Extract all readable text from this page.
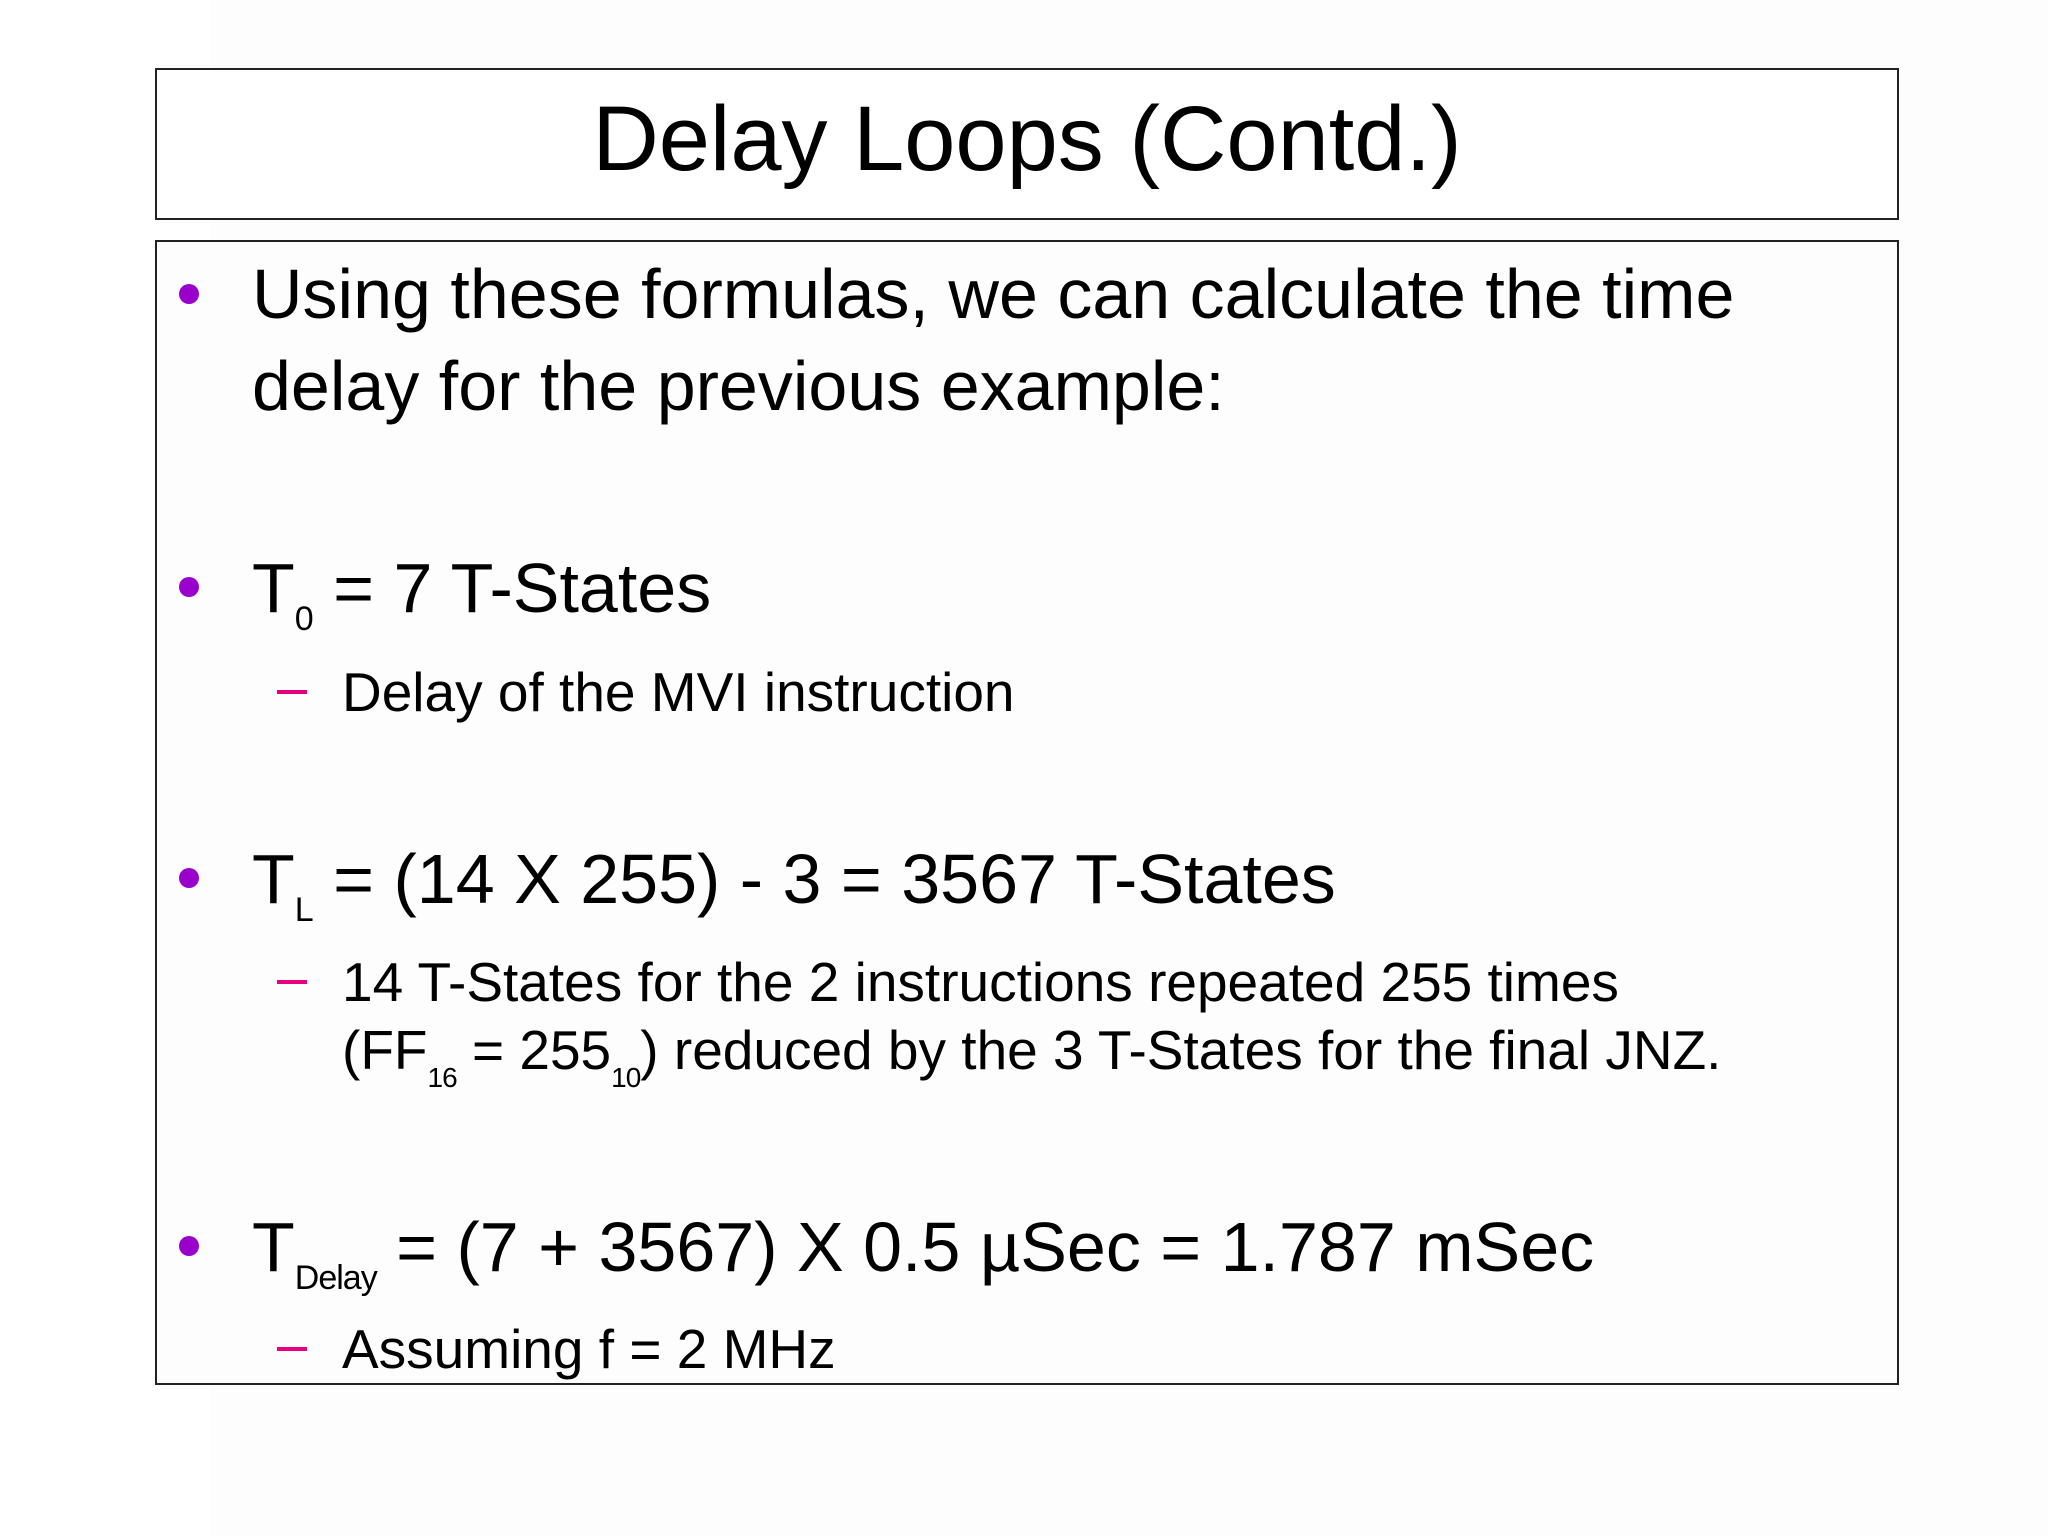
Delay Loops (Contd.)
Using these formulas, we can calculate the time
delay for the previous example:
$T_0 = 7$ T-States
Delay of the MVI instruction
$T_L = (14$ X 255) - 3 = 3567 T-States
14 T-States for the 2 instructions repeated 255 times
$(FF_{16} = 255_{10})$ reduced by the 3 T-States for the final JNZ.
$T_{Delay} = (7 + 3567)$ X 0.5 µSec = 1.787 mSec
Assuming f = 2 MHz
